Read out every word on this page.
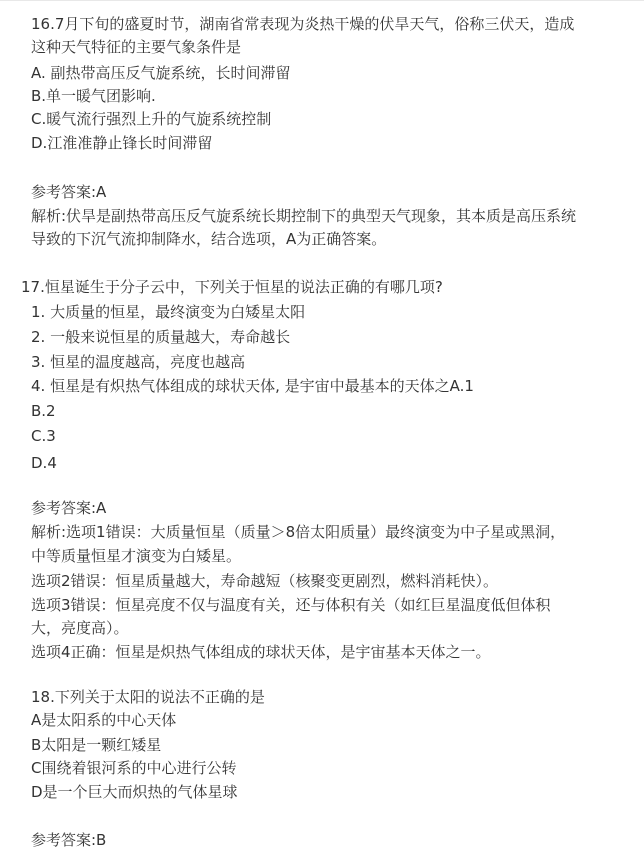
16.7月下旬的盛夏时节，湖南省常表现为炎热干燥的伏旱天气，俗称三伏天，造成
这种天气特征的主要气象条件是
A. 副热带高压反气旋系统，长时间滞留
B.单一暖气团影响.
C.暖气流行强烈上升的气旋系统控制
D.江淮准静止锋长时间滞留
参考答案:A
解析:伏旱是副热带高压反气旋系统长期控制下的典型天气现象，其本质是高压系统
导致的下沉气流抑制降水，结合选项，A为正确答案。
17.恒星诞生于分子云中，下列关于恒星的说法正确的有哪几项?
1. 大质量的恒星，最终演变为白矮星太阳
2. 一般来说恒星的质量越大，寿命越长
3. 恒星的温度越高，亮度也越高
4. 恒星是有炽热气体组成的球状天体, 是宇宙中最基本的天体之A.1
B.2
C.3
D.4
参考答案:A
解析:选项1错误：大质量恒星（质量＞8倍太阳质量）最终演变为中子星或黑洞，
中等质量恒星才演变为白矮星。
选项2错误：恒星质量越大，寿命越短（核聚变更剧烈，燃料消耗快）。
选项3错误：恒星亮度不仅与温度有关，还与体积有关（如红巨星温度低但体积
大，亮度高）。
选项4正确：恒星是炽热气体组成的球状天体，是宇宙基本天体之一。
18.下列关于太阳的说法不正确的是
A是太阳系的中心天体
B太阳是一颗红矮星
C围绕着银河系的中心进行公转
D是一个巨大而炽热的气体星球
参考答案:B
